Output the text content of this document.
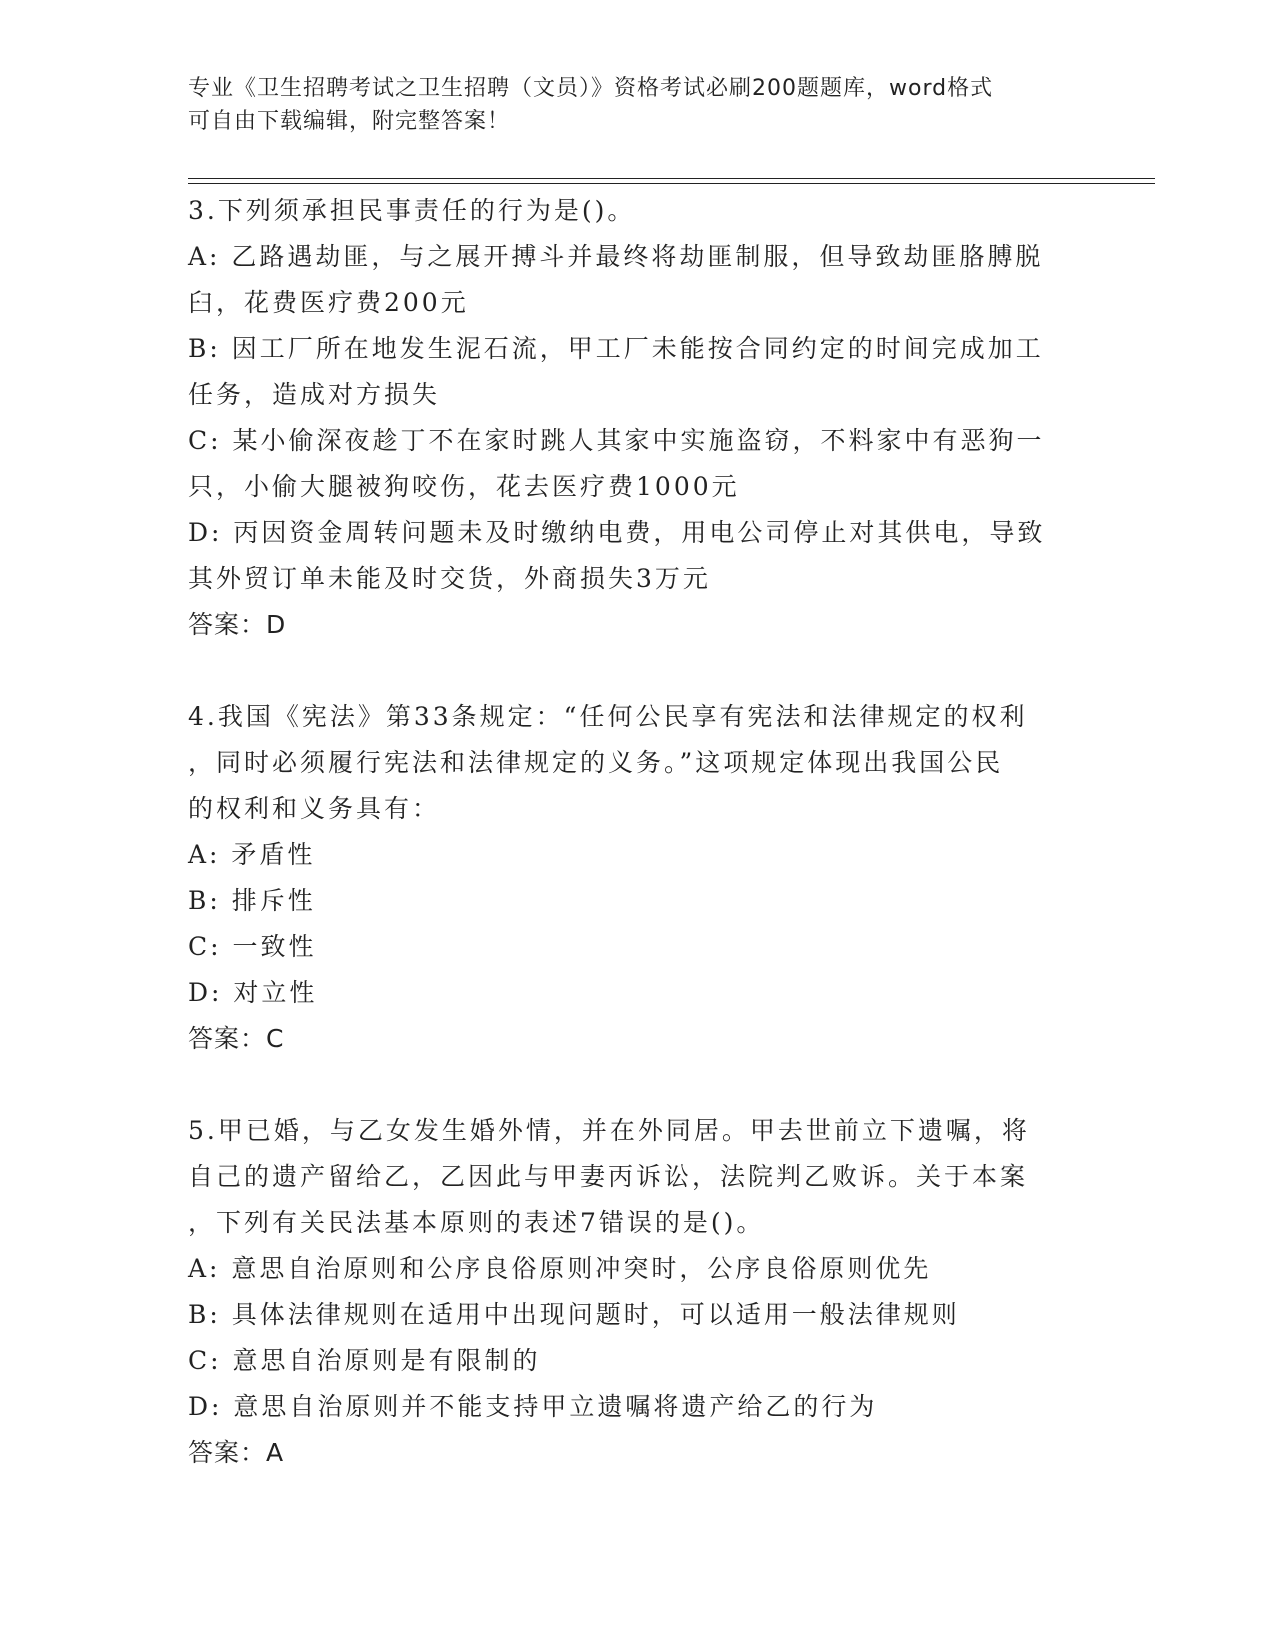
专业《卫生招聘考试之卫生招聘（文员）》资格考试必刷200题题库，word格式
可自由下载编辑，附完整答案！
3.下列须承担民事责任的行为是()。
A: 乙路遇劫匪，与之展开搏斗并最终将劫匪制服，但导致劫匪胳膊脱
臼，花费医疗费200元
B: 因工厂所在地发生泥石流，甲工厂未能按合同约定的时间完成加工
任务，造成对方损失
C: 某小偷深夜趁丁不在家时跳人其家中实施盗窃，不料家中有恶狗一
只，小偷大腿被狗咬伤，花去医疗费1000元
D: 丙因资金周转问题未及时缴纳电费，用电公司停止对其供电，导致
其外贸订单未能及时交货，外商损失3万元
答案：D
4.我国《宪法》第33条规定：“任何公民享有宪法和法律规定的权利
，同时必须履行宪法和法律规定的义务。”这项规定体现出我国公民
的权利和义务具有：
A: 矛盾性
B: 排斥性
C: 一致性
D: 对立性
答案：C
5.甲已婚，与乙女发生婚外情，并在外同居。甲去世前立下遗嘱，将
自己的遗产留给乙，乙因此与甲妻丙诉讼，法院判乙败诉。关于本案
，下列有关民法基本原则的表述7错误的是()。
A: 意思自治原则和公序良俗原则冲突时，公序良俗原则优先
B: 具体法律规则在适用中出现问题时，可以适用一般法律规则
C: 意思自治原则是有限制的
D: 意思自治原则并不能支持甲立遗嘱将遗产给乙的行为
答案：A
